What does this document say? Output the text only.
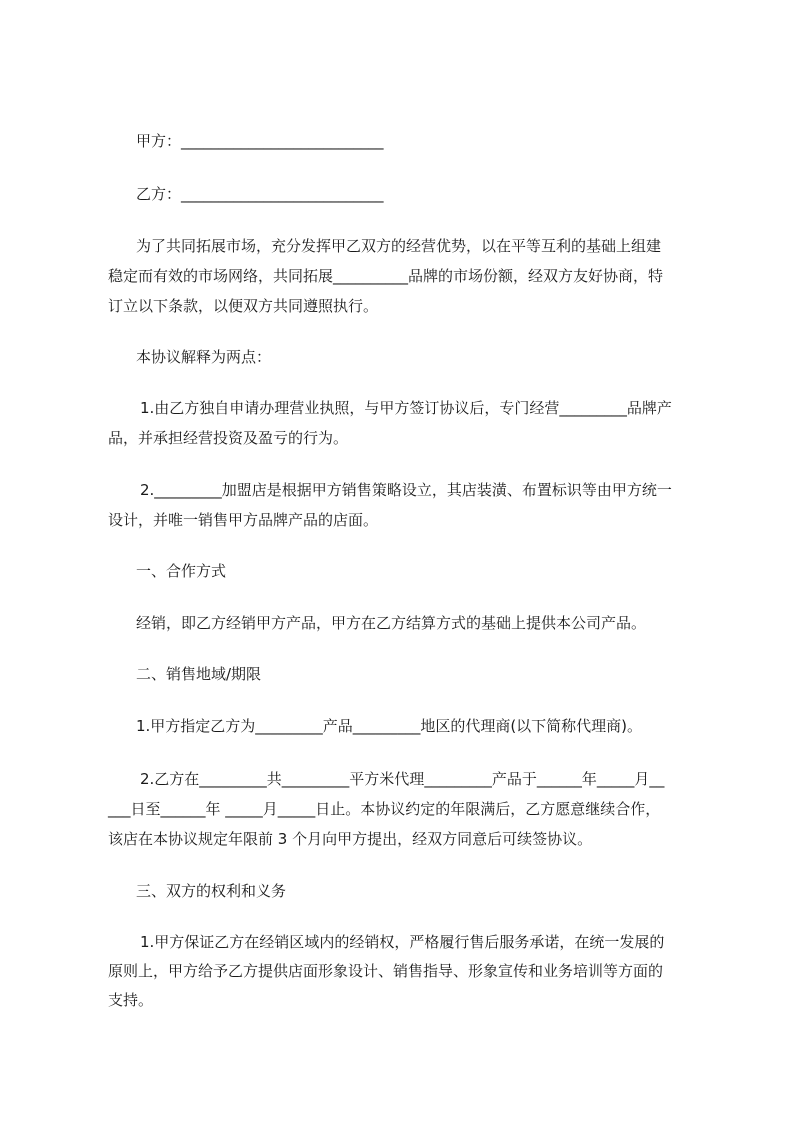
甲方：___________________________
乙方：___________________________
为了共同拓展市场，充分发挥甲乙双方的经营优势，以在平等互利的基础上组建
稳定而有效的市场网络，共同拓展__________品牌的市场份额，经双方友好协商，特
订立以下条款，以便双方共同遵照执行。
本协议解释为两点：
1.由乙方独自申请办理营业执照，与甲方签订协议后，专门经营_________品牌产
品，并承担经营投资及盈亏的行为。
2._________加盟店是根据甲方销售策略设立，其店装潢、布置标识等由甲方统一
设计，并唯一销售甲方品牌产品的店面。
一、合作方式
经销，即乙方经销甲方产品，甲方在乙方结算方式的基础上提供本公司产品。
二、销售地域/期限
1.甲方指定乙方为_________产品_________地区的代理商(以下简称代理商)。
2.乙方在_________共_________平方米代理_________产品于______年_____月__
___日至______年 _____月_____日止。本协议约定的年限满后，乙方愿意继续合作，
该店在本协议规定年限前 3 个月向甲方提出，经双方同意后可续签协议。
三、双方的权利和义务
1.甲方保证乙方在经销区域内的经销权，严格履行售后服务承诺，在统一发展的
原则上，甲方给予乙方提供店面形象设计、销售指导、形象宣传和业务培训等方面的
支持。
